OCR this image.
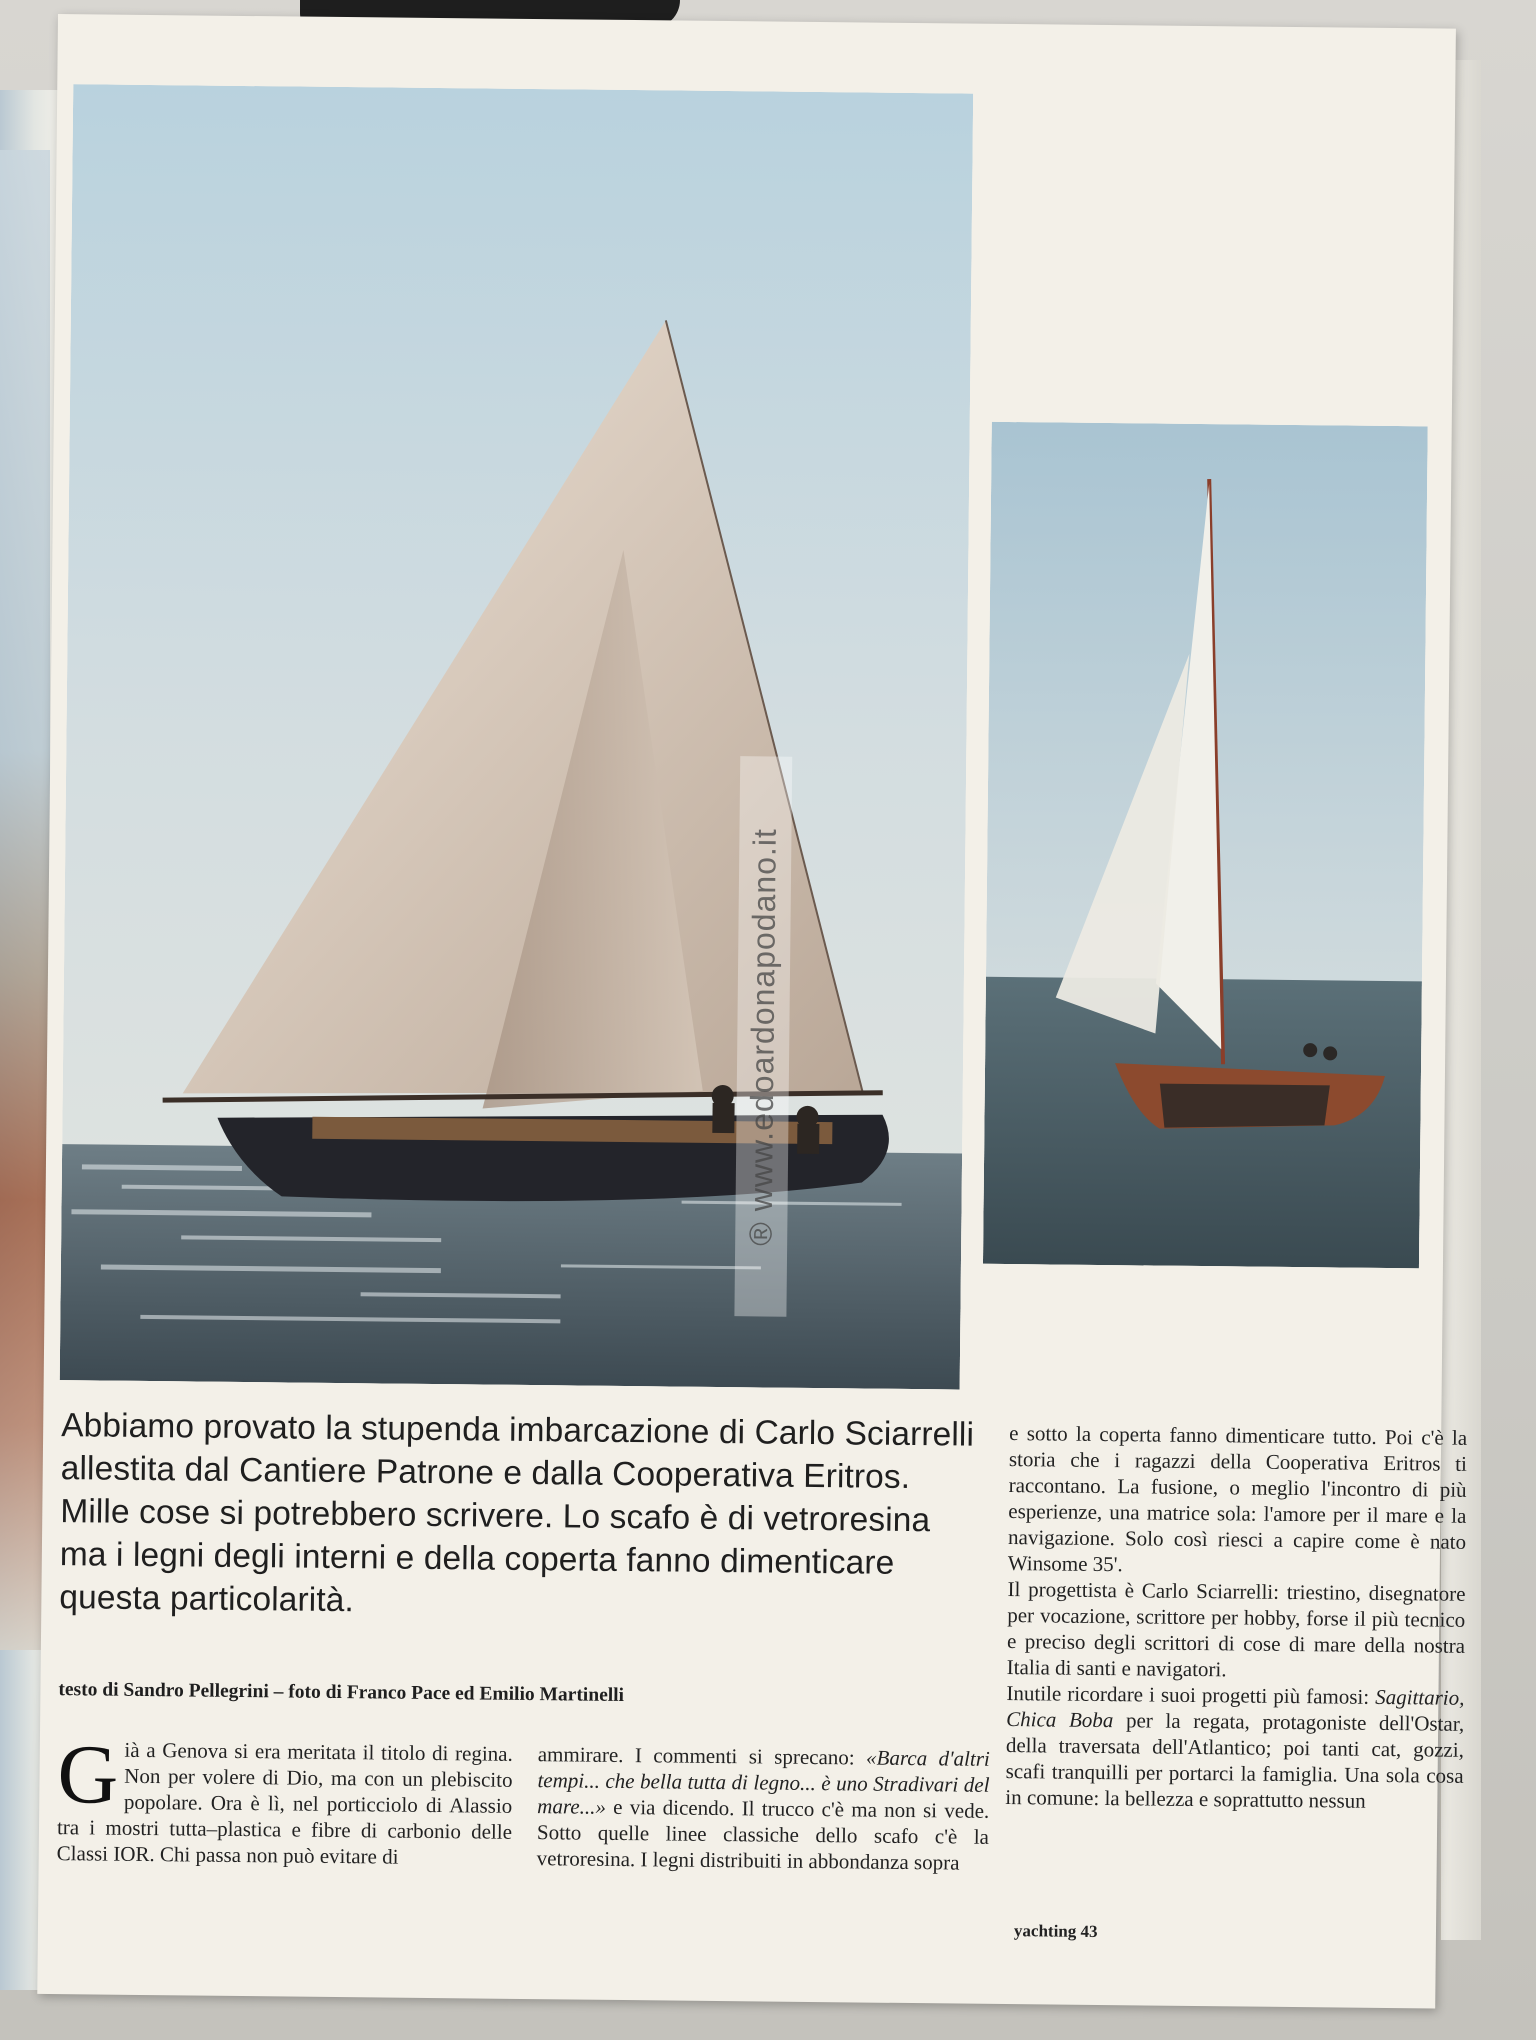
® www.edoardonapodano.it
Abbiamo provato la stupenda imbarcazione di Carlo Sciarrelli allestita dal Cantiere Patrone e dalla Cooperativa Eritros. Mille cose si potrebbero scrivere. Lo scafo è di vetroresina ma i legni degli interni e della coperta fanno dimenticare questa particolarità.
testo di Sandro Pellegrini – foto di Franco Pace ed Emilio Martinelli

Già a Genova si era meritata il titolo di regina. Non per volere di Dio, ma con un plebiscito popolare. Ora è lì, nel porticciolo di Alassio tra i mostri tutta–plastica e fibre di carbonio delle Classi IOR. Chi passa non può evitare di

ammirare. I commenti si sprecano: «Barca d'altri tempi... che bella tutta di legno... è uno Stradivari del mare...» e via dicendo. Il trucco c'è ma non si vede. Sotto quelle linee classiche dello scafo c'è la vetroresina. I legni distribuiti in abbondanza sopra

e sotto la coperta fanno dimenticare tutto. Poi c'è la storia che i ragazzi della Cooperativa Eritros ti raccontano. La fusione, o meglio l'incontro di più esperienze, una matrice sola: l'amore per il mare e la navigazione. Solo così riesci a capire come è nato Winsome 35'.

Il progettista è Carlo Sciarrelli: triestino, disegnatore per vocazione, scrittore per hobby, forse il più tecnico e preciso degli scrittori di cose di mare della nostra Italia di santi e navigatori.

Inutile ricordare i suoi progetti più famosi: Sagittario, Chica Boba per la regata, protagoniste dell'Ostar, della traversata dell'Atlantico; poi tanti cat, gozzi, scafi tranquilli per portarci la famiglia. Una sola cosa in comune: la bellezza e soprattutto nessun

yachting 43
